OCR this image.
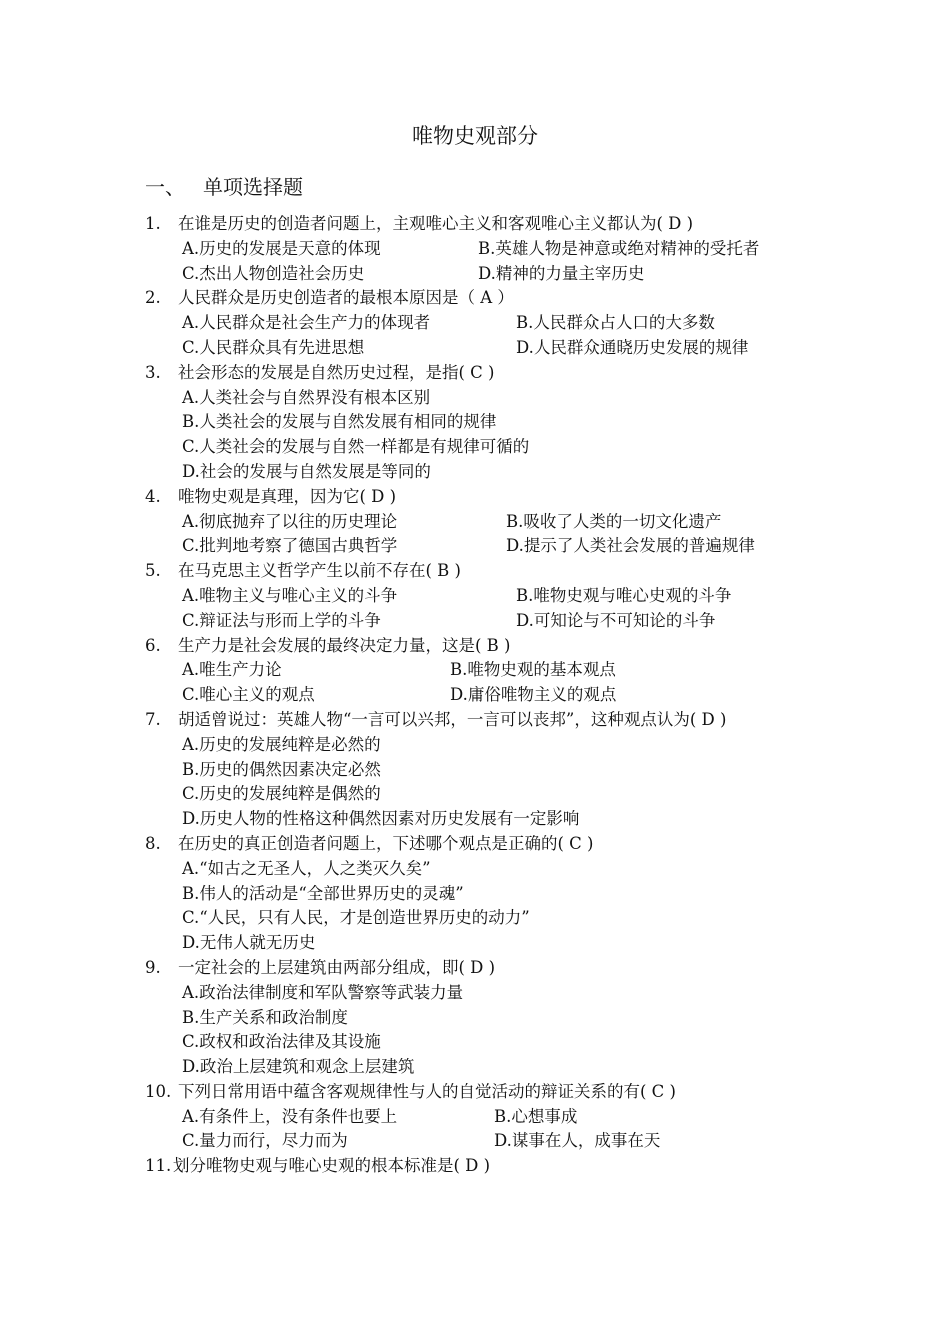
唯物史观部分
一、 单项选择题
1.	在谁是历史的创造者问题上，主观唯心主义和客观唯心主义都认为( D )
A.历史的发展是天意的体现	B.英雄人物是神意或绝对精神的受托者
C.杰出人物创造社会历史	D.精神的力量主宰历史
2.	人民群众是历史创造者的最根本原因是（ A ）
A.人民群众是社会生产力的体现者	B.人民群众占人口的大多数
C.人民群众具有先进思想	D.人民群众通晓历史发展的规律
3.	社会形态的发展是自然历史过程，是指( C )
A.人类社会与自然界没有根本区别
B.人类社会的发展与自然发展有相同的规律
C.人类社会的发展与自然一样都是有规律可循的
D.社会的发展与自然发展是等同的
4.	唯物史观是真理，因为它( D )
A.彻底抛弃了以往的历史理论	B.吸收了人类的一切文化遗产
C.批判地考察了德国古典哲学	D.提示了人类社会发展的普遍规律
5.	在马克思主义哲学产生以前不存在( B )
A.唯物主义与唯心主义的斗争	B.唯物史观与唯心史观的斗争
C.辩证法与形而上学的斗争	D.可知论与不可知论的斗争
6.	生产力是社会发展的最终决定力量，这是( B )
A.唯生产力论	B.唯物史观的基本观点
C.唯心主义的观点	D.庸俗唯物主义的观点
7.	胡适曾说过：英雄人物“一言可以兴邦，一言可以丧邦”，这种观点认为( D )
A.历史的发展纯粹是必然的
B.历史的偶然因素决定必然
C.历史的发展纯粹是偶然的
D.历史人物的性格这种偶然因素对历史发展有一定影响
8.	在历史的真正创造者问题上，下述哪个观点是正确的( C )
A.“如古之无圣人，人之类灭久矣”
B.伟人的活动是“全部世界历史的灵魂”
C.“人民，只有人民，才是创造世界历史的动力”
D.无伟人就无历史
9.	一定社会的上层建筑由两部分组成，即( D )
A.政治法律制度和军队警察等武装力量
B.生产关系和政治制度
C.政权和政治法律及其设施
D.政治上层建筑和观念上层建筑
10. 下列日常用语中蕴含客观规律性与人的自觉活动的辩证关系的有( C )
A.有条件上，没有条件也要上	B.心想事成
C.量力而行，尽力而为	D.谋事在人，成事在天
11. 划分唯物史观与唯心史观的根本标准是( D )
